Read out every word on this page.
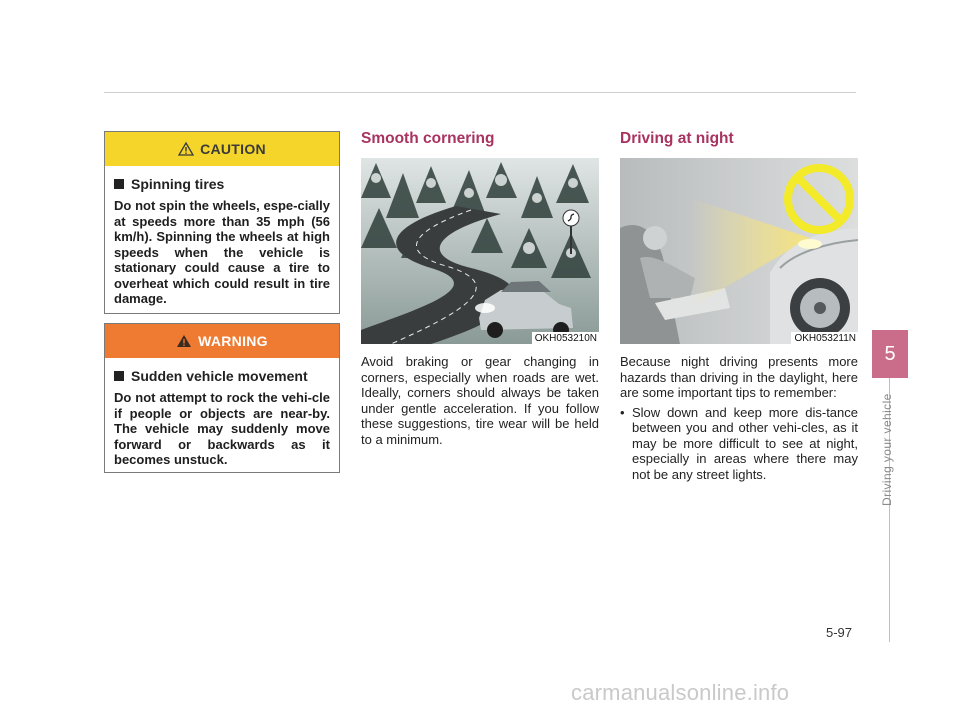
CAUTION
Spinning tires
Do not spin the wheels, espe-cially at speeds more than 35 mph (56 km/h). Spinning the wheels at high speeds when the vehicle is stationary could cause a tire to overheat which could result in tire damage.
WARNING
Sudden vehicle movement
Do not attempt to rock the vehi-cle if people or objects are near-by. The vehicle may suddenly move forward or backwards as it becomes unstuck.
Smooth cornering
OKH053210N
Avoid braking or gear changing in corners, especially when roads are wet. Ideally, corners should always be taken under gentle acceleration. If you follow these suggestions, tire wear will be held to a minimum.
Driving at night
OKH053211N
Because night driving presents more hazards than driving in the daylight, here are some important tips to remember:
• Slow down and keep more dis-tance between you and other vehi-cles, as it may be more difficult to see at night, especially in areas where there may not be any street lights.
5
Driving your vehicle
5-97
carmanualsonline.info
